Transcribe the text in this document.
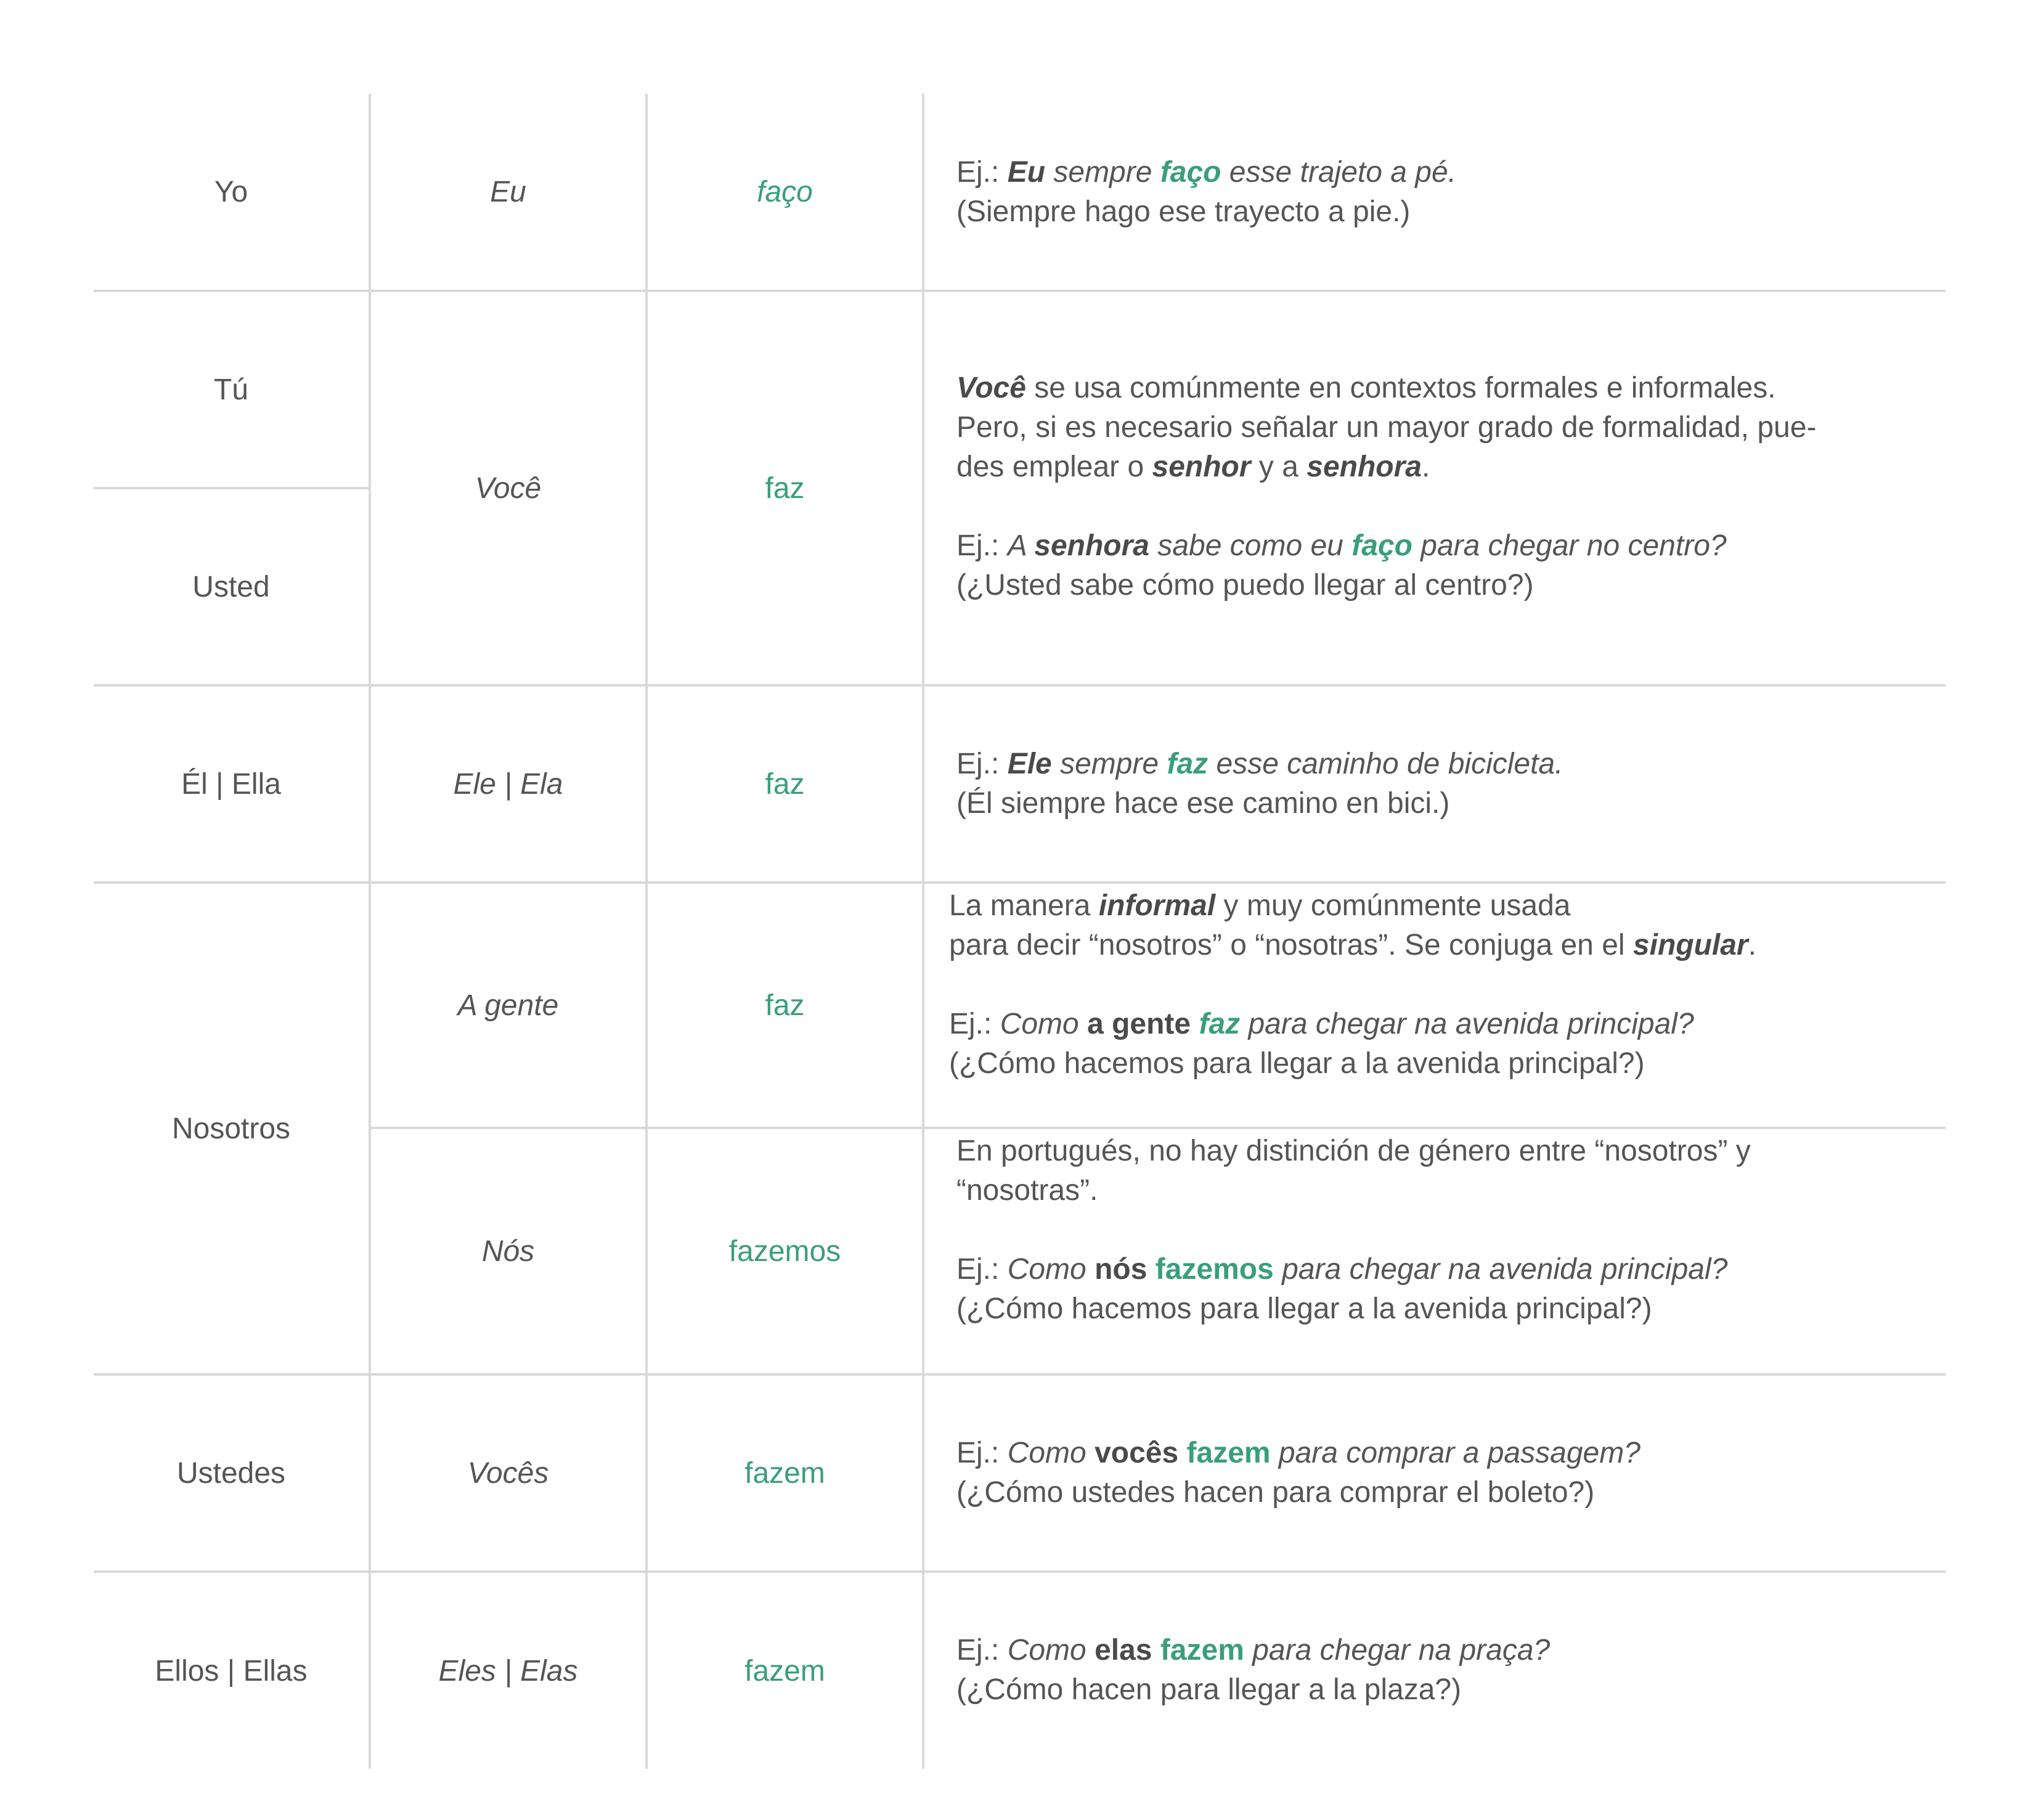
Yo	Eu	faço
Ej.: Eu sempre faço esse trajeto a pé.
(Siempre hago ese trayecto a pie.)
Tú
Usted
Você	faz
Você se usa comúnmente en contextos formales e informales.
Pero, si es necesario señalar un mayor grado de formalidad, pue-
des emplear o senhor y a senhora.

Ej.: A senhora sabe como eu faço para chegar no centro?
(¿Usted sabe cómo puedo llegar al centro?)
Él | Ella	Ele | Ela	faz
Ej.: Ele sempre faz esse caminho de bicicleta.
(Él siempre hace ese camino en bici.)
Nosotros
A gente	faz
La manera informal y muy comúnmente usada
para decir “nosotros” o “nosotras”. Se conjuga en el singular.

Ej.: Como a gente faz para chegar na avenida principal?
(¿Cómo hacemos para llegar a la avenida principal?)
Nós	fazemos
En portugués, no hay distinción de género entre “nosotros” y
“nosotras”.

Ej.: Como nós fazemos para chegar na avenida principal?
(¿Cómo hacemos para llegar a la avenida principal?)
Ustedes	Vocês	fazem
Ej.: Como vocês fazem para comprar a passagem?
(¿Cómo ustedes hacen para comprar el boleto?)
Ellos | Ellas	Eles | Elas	fazem
Ej.: Como elas fazem para chegar na praça?
(¿Cómo hacen para llegar a la plaza?)
